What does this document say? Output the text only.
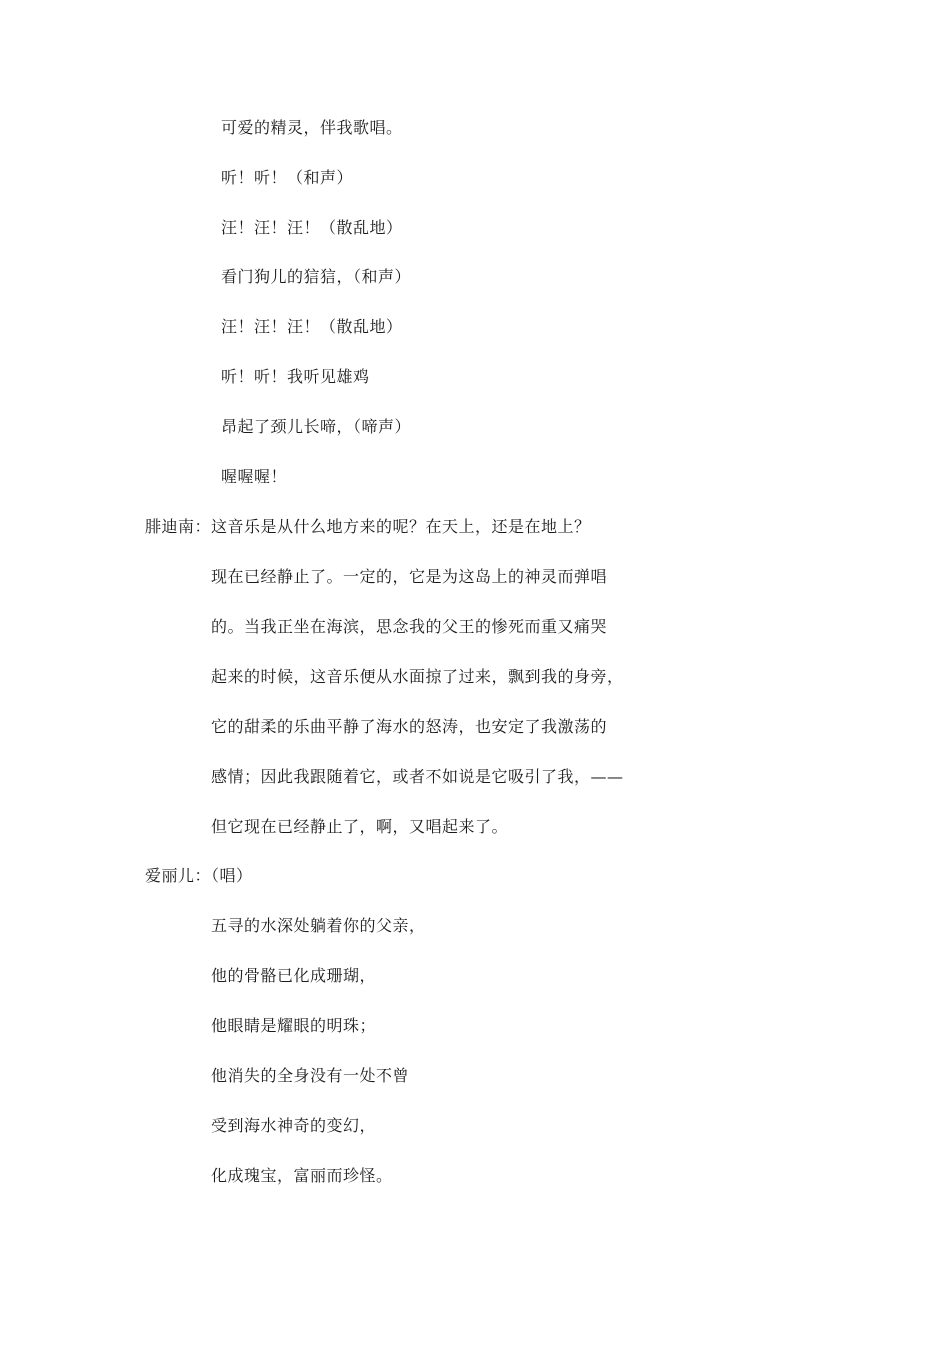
可爱的精灵，伴我歌唱。
听！听！（和声）
汪！汪！汪！（散乱地）
看门狗儿的狺狺，（和声）
汪！汪！汪！（散乱地）
听！听！我听见雄鸡
昂起了颈儿长啼，（啼声）
喔喔喔！
腓迪南：这音乐是从什么地方来的呢？在天上，还是在地上？
现在已经静止了。一定的，它是为这岛上的神灵而弹唱
的。当我正坐在海滨，思念我的父王的惨死而重又痛哭
起来的时候，这音乐便从水面掠了过来，飘到我的身旁，
它的甜柔的乐曲平静了海水的怒涛，也安定了我激荡的
感情；因此我跟随着它，或者不如说是它吸引了我，——
但它现在已经静止了，啊，又唱起来了。
爱丽儿：（唱）
五寻的水深处躺着你的父亲，
他的骨骼已化成珊瑚，
他眼睛是耀眼的明珠；
他消失的全身没有一处不曾
受到海水神奇的变幻，
化成瑰宝，富丽而珍怪。
